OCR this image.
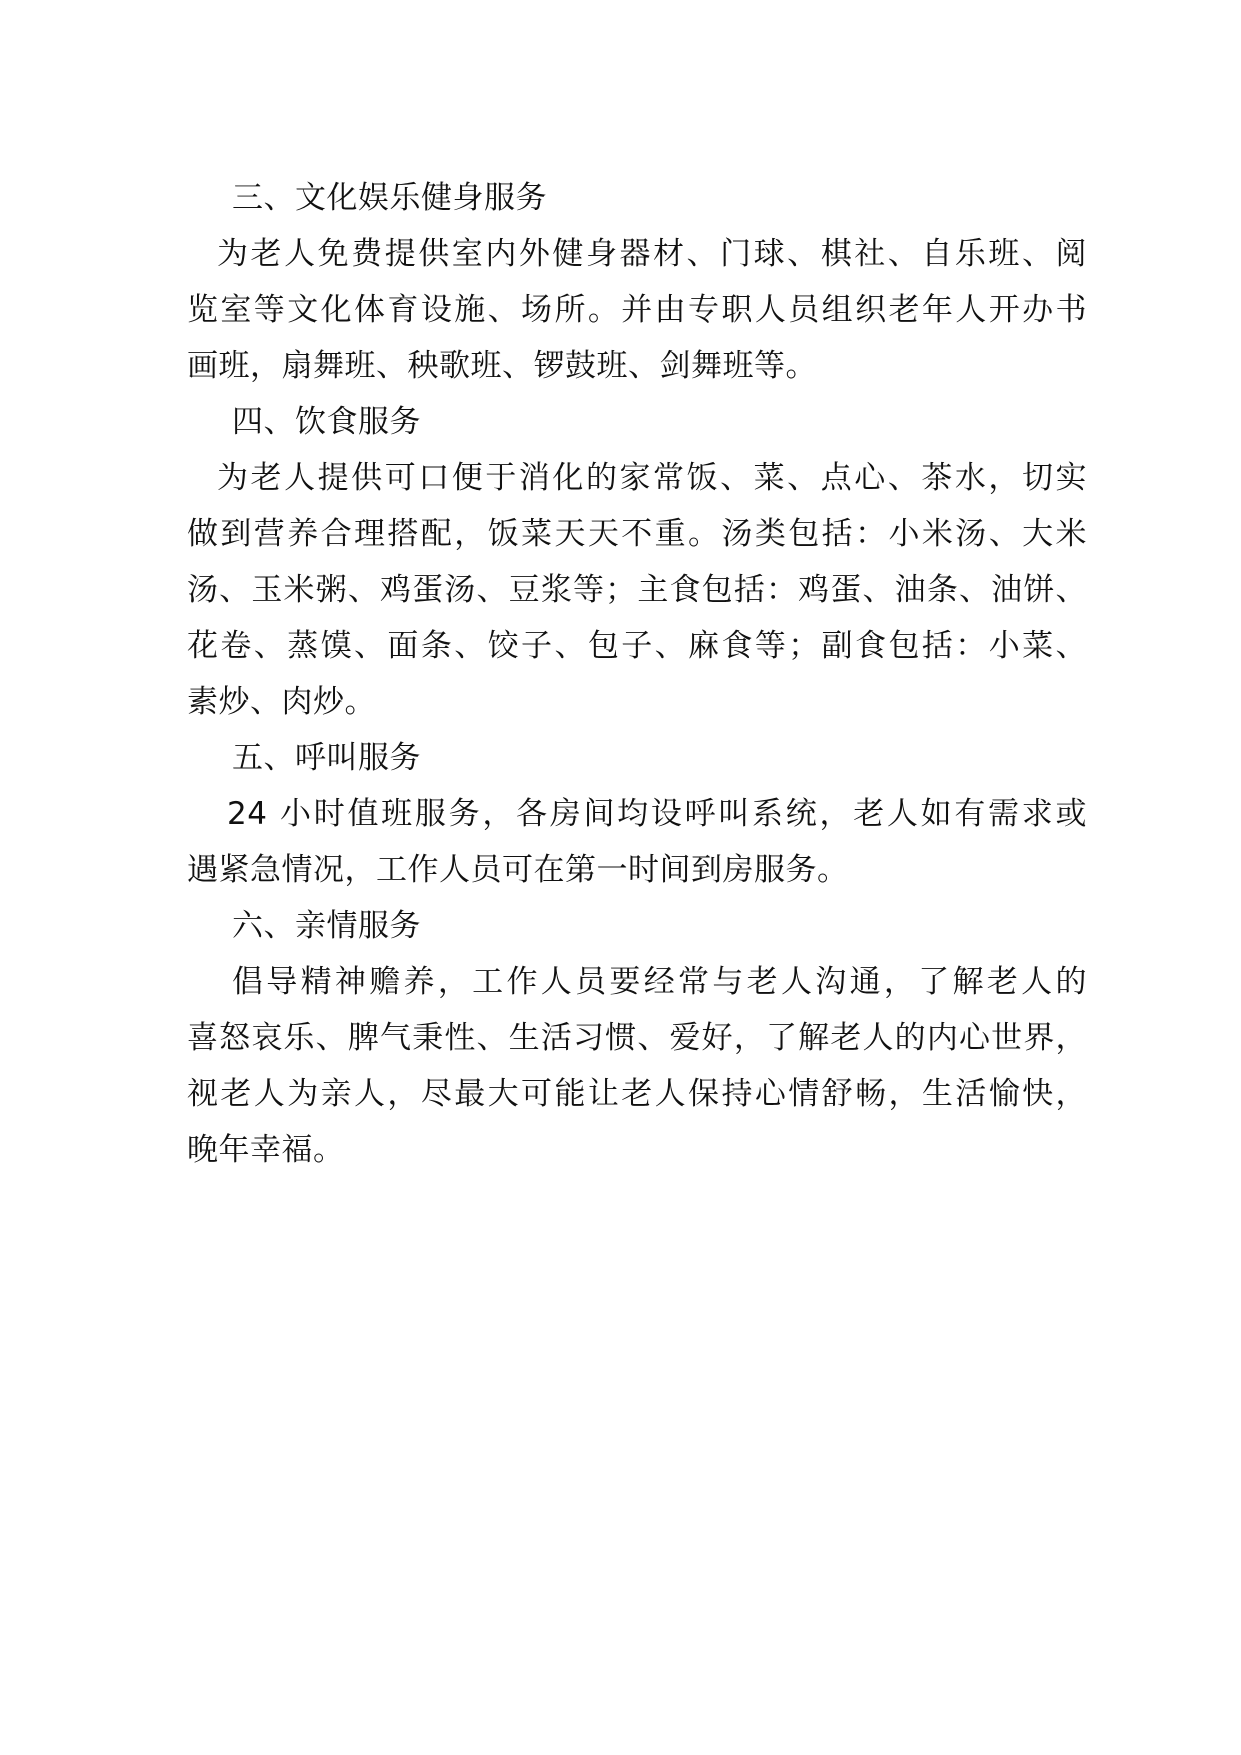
三、文化娱乐健身服务
为老人免费提供室内外健身器材、门球、棋社、自乐班、阅
览室等文化体育设施、场所。并由专职人员组织老年人开办书
画班，扇舞班、秧歌班、锣鼓班、剑舞班等。
四、饮食服务
为老人提供可口便于消化的家常饭、菜、点心、茶水，切实
做到营养合理搭配，饭菜天天不重。汤类包括：小米汤、大米
汤、玉米粥、鸡蛋汤、豆浆等；主食包括：鸡蛋、油条、油饼、
花卷、蒸馍、面条、饺子、包子、麻食等；副食包括：小菜、
素炒、肉炒。
五、呼叫服务
24 小时值班服务，各房间均设呼叫系统，老人如有需求或
遇紧急情况，工作人员可在第一时间到房服务。
六、亲情服务
倡导精神赡养，工作人员要经常与老人沟通，了解老人的
喜怒哀乐、脾气秉性、生活习惯、爱好，了解老人的内心世界，
视老人为亲人，尽最大可能让老人保持心情舒畅，生活愉快，
晚年幸福。
